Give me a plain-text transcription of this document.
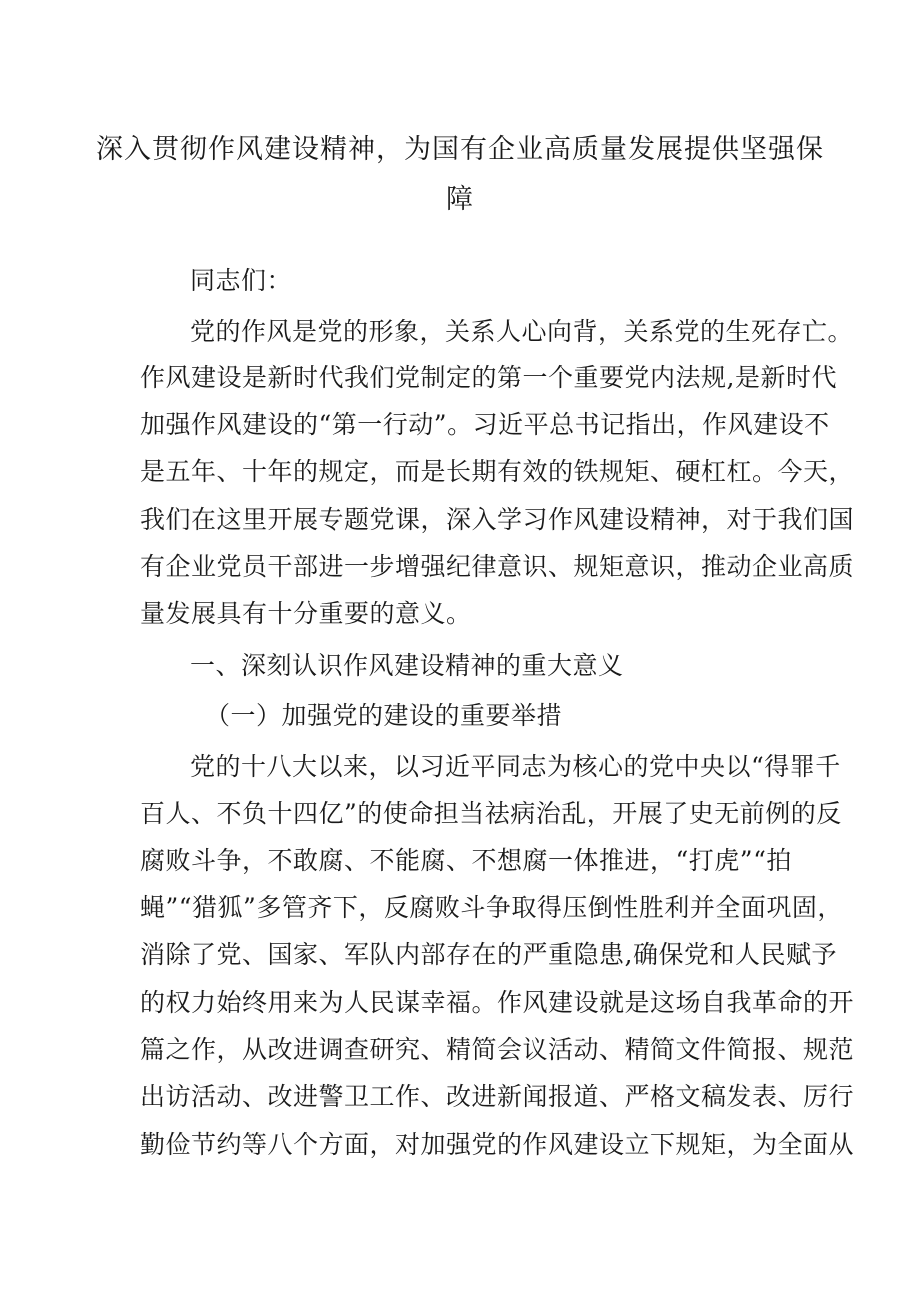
深入贯彻作风建设精神，为国有企业高质量发展提供坚强保
障
同志们：
党的作风是党的形象，关系人心向背，关系党的生死存亡。
作风建设是新时代我们党制定的第一个重要党内法规,是新时代
加强作风建设的“第一行动”。习近平总书记指出，作风建设不
是五年、十年的规定，而是长期有效的铁规矩、硬杠杠。今天，
我们在这里开展专题党课，深入学习作风建设精神，对于我们国
有企业党员干部进一步增强纪律意识、规矩意识，推动企业高质
量发展具有十分重要的意义。
一、深刻认识作风建设精神的重大意义
（一）加强党的建设的重要举措
党的十八大以来，以习近平同志为核心的党中央以“得罪千
百人、不负十四亿”的使命担当祛病治乱，开展了史无前例的反
腐败斗争，不敢腐、不能腐、不想腐一体推进，“打虎”“拍
蝇”“猎狐”多管齐下，反腐败斗争取得压倒性胜利并全面巩固，
消除了党、国家、军队内部存在的严重隐患,确保党和人民赋予
的权力始终用来为人民谋幸福。作风建设就是这场自我革命的开
篇之作，从改进调查研究、精简会议活动、精简文件简报、规范
出访活动、改进警卫工作、改进新闻报道、严格文稿发表、厉行
勤俭节约等八个方面，对加强党的作风建设立下规矩，为全面从
